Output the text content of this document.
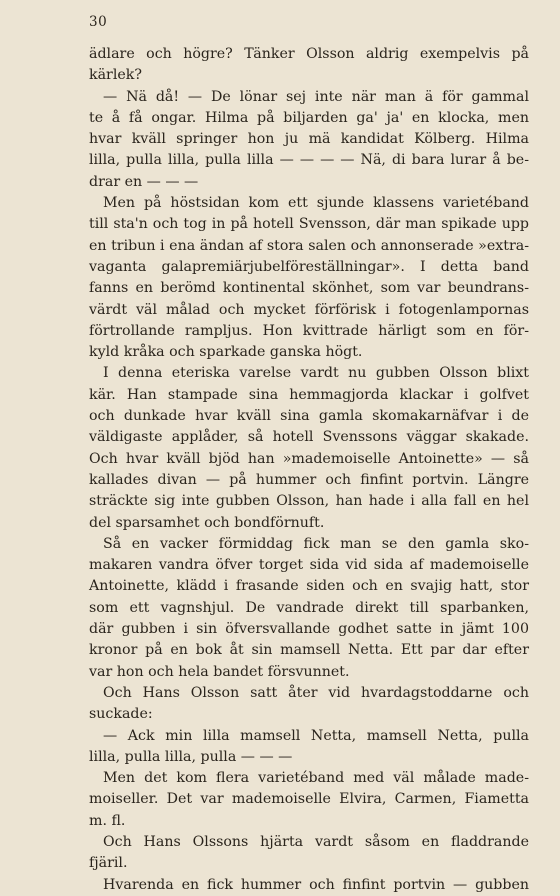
30
ädlare och högre? Tänker Olsson aldrig exempelvis på
kärlek?
— Nä då! — De lönar sej inte när man ä för gammal
te å få ongar. Hilma på biljarden ga' ja' en klocka, men
hvar kväll springer hon ju mä kandidat Kölberg. Hilma
lilla, pulla lilla, pulla lilla — — — — Nä, di bara lurar å be-
drar en — — —
Men på höstsidan kom ett sjunde klassens varietéband
till sta'n och tog in på hotell Svensson, där man spikade upp
en tribun i ena ändan af stora salen och annonserade »extra-
vaganta galapremiärjubelföreställningar». I detta band
fanns en berömd kontinental skönhet, som var beundrans-
värdt väl målad och mycket förförisk i fotogenlampornas
förtrollande rampljus. Hon kvittrade härligt som en för-
kyld kråka och sparkade ganska högt.
I denna eteriska varelse vardt nu gubben Olsson blixt
kär. Han stampade sina hemmagjorda klackar i golfvet
och dunkade hvar kväll sina gamla skomakarnäfvar i de
väldigaste applåder, så hotell Svenssons väggar skakade.
Och hvar kväll bjöd han »mademoiselle Antoinette» — så
kallades divan — på hummer och finfint portvin. Längre
sträckte sig inte gubben Olsson, han hade i alla fall en hel
del sparsamhet och bondförnuft.
Så en vacker förmiddag fick man se den gamla sko-
makaren vandra öfver torget sida vid sida af mademoiselle
Antoinette, klädd i frasande siden och en svajig hatt, stor
som ett vagnshjul. De vandrade direkt till sparbanken,
där gubben i sin öfversvallande godhet satte in jämt 100
kronor på en bok åt sin mamsell Netta. Ett par dar efter
var hon och hela bandet försvunnet.
Och Hans Olsson satt åter vid hvardagstoddarne och
suckade:
— Ack min lilla mamsell Netta, mamsell Netta, pulla
lilla, pulla lilla, pulla — — —
Men det kom flera varietéband med väl målade made-
moiseller. Det var mademoiselle Elvira, Carmen, Fiametta
m. fl.
Och Hans Olssons hjärta vardt såsom en fladdrande
fjäril.
Hvarenda en fick hummer och finfint portvin — gubben
